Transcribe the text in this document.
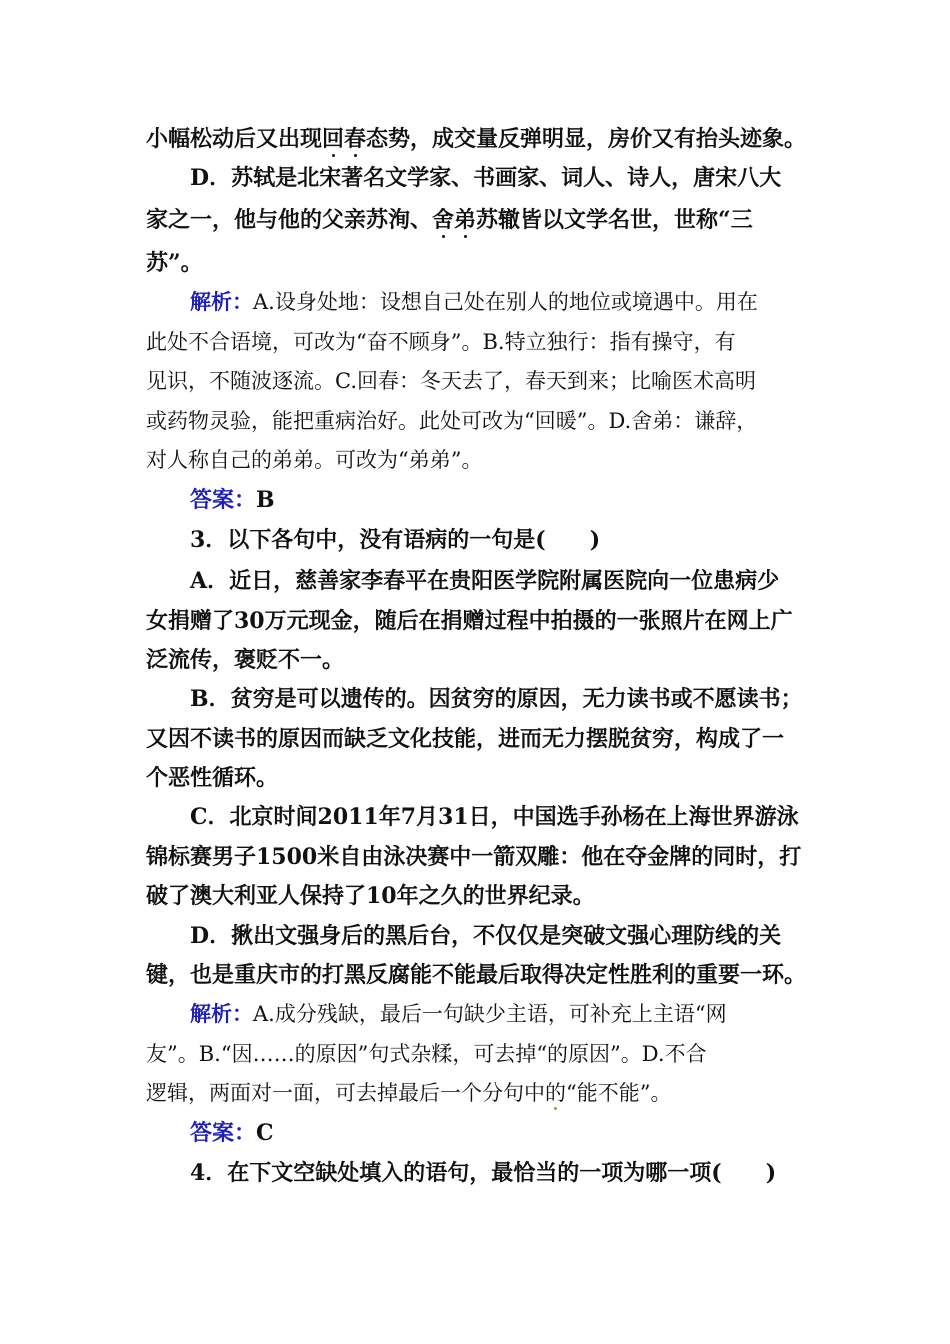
小幅松动后又出现回春态势，成交量反弹明显，房价又有抬头迹象。
D．苏轼是北宋著名文学家、书画家、词人、诗人，唐宋八大
家之一，他与他的父亲苏洵、舍弟苏辙皆以文学名世，世称“三
苏”。
解析：A.设身处地：设想自己处在别人的地位或境遇中。用在
此处不合语境，可改为“奋不顾身”。B.特立独行：指有操守，有
见识，不随波逐流。C.回春：冬天去了，春天到来；比喻医术高明
或药物灵验，能把重病治好。此处可改为“回暖”。D.舍弟：谦辞，
对人称自己的弟弟。可改为“弟弟”。
答案：B
3．以下各句中，没有语病的一句是(　　)
A．近日，慈善家李春平在贵阳医学院附属医院向一位患病少
女捐赠了30万元现金，随后在捐赠过程中拍摄的一张照片在网上广
泛流传，褒贬不一。
B．贫穷是可以遗传的。因贫穷的原因，无力读书或不愿读书；
又因不读书的原因而缺乏文化技能，进而无力摆脱贫穷，构成了一
个恶性循环。
C．北京时间2011年7月31日，中国选手孙杨在上海世界游泳
锦标赛男子1500米自由泳决赛中一箭双雕：他在夺金牌的同时，打
破了澳大利亚人保持了10年之久的世界纪录。
D．揪出文强身后的黑后台，不仅仅是突破文强心理防线的关
键，也是重庆市的打黑反腐能不能最后取得决定性胜利的重要一环。
解析：A.成分残缺，最后一句缺少主语，可补充上主语“网
友”。B.“因……的原因”句式杂糅，可去掉“的原因”。D.不合
逻辑，两面对一面，可去掉最后一个分句中的“能不能”。
答案：C
4．在下文空缺处填入的语句，最恰当的一项为哪一项(　　)
